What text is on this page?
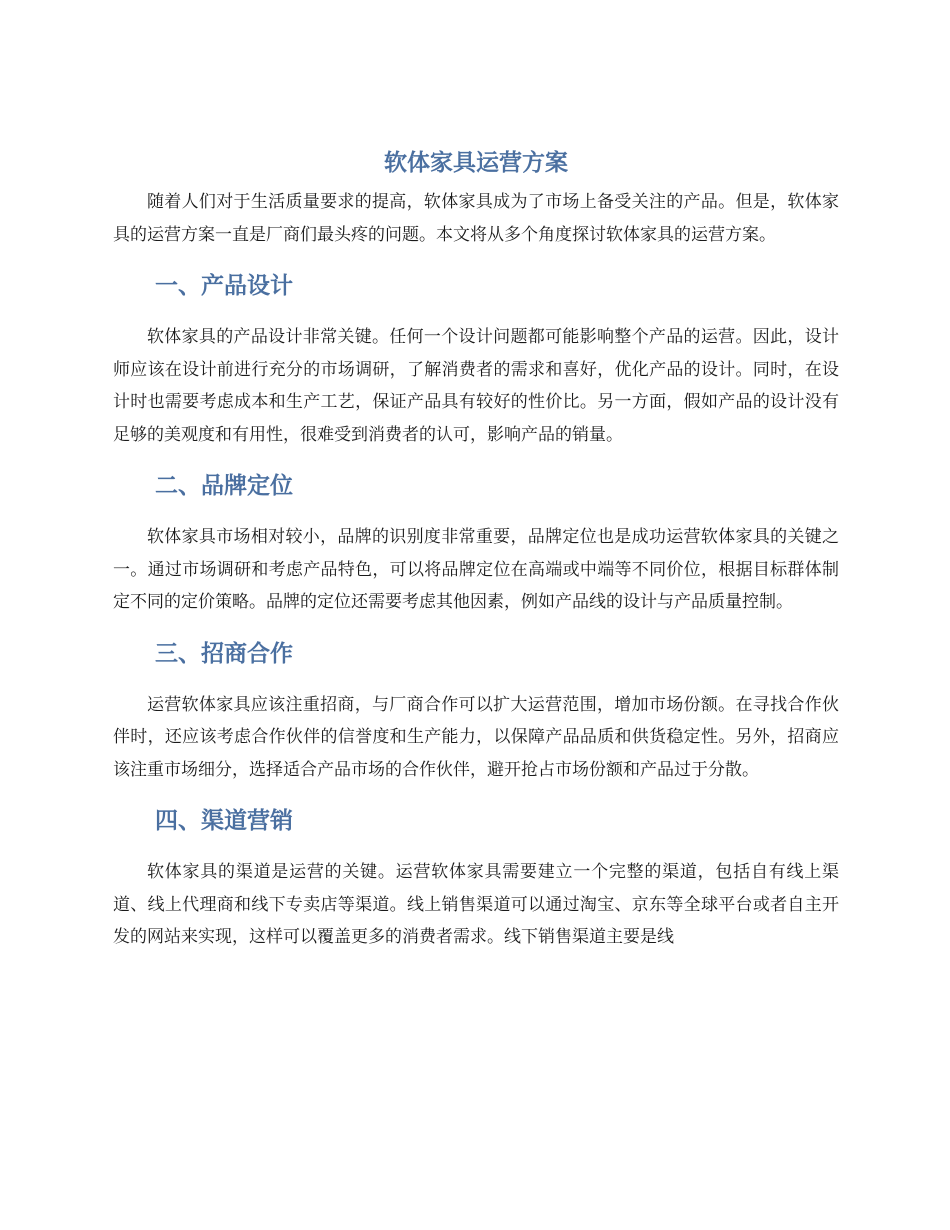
软体家具运营方案

随着人们对于生活质量要求的提高，软体家具成为了市场上备受关注的产品。但是，软体家具的运营方案一直是厂商们最头疼的问题。本文将从多个角度探讨软体家具的运营方案。

一、产品设计

软体家具的产品设计非常关键。任何一个设计问题都可能影响整个产品的运营。因此，设计师应该在设计前进行充分的市场调研，了解消费者的需求和喜好，优化产品的设计。同时，在设计时也需要考虑成本和生产工艺，保证产品具有较好的性价比。另一方面，假如产品的设计没有足够的美观度和有用性，很难受到消费者的认可，影响产品的销量。

二、品牌定位

软体家具市场相对较小，品牌的识别度非常重要，品牌定位也是成功运营软体家具的关键之一。通过市场调研和考虑产品特色，可以将品牌定位在高端或中端等不同价位，根据目标群体制定不同的定价策略。品牌的定位还需要考虑其他因素，例如产品线的设计与产品质量控制。

三、招商合作

运营软体家具应该注重招商，与厂商合作可以扩大运营范围，增加市场份额。在寻找合作伙伴时，还应该考虑合作伙伴的信誉度和生产能力，以保障产品品质和供货稳定性。另外，招商应该注重市场细分，选择适合产品市场的合作伙伴，避开抢占市场份额和产品过于分散。

四、渠道营销

软体家具的渠道是运营的关键。运营软体家具需要建立一个完整的渠道，包括自有线上渠道、线上代理商和线下专卖店等渠道。线上销售渠道可以通过淘宝、京东等全球平台或者自主开发的网站来实现，这样可以覆盖更多的消费者需求。线下销售渠道主要是线
